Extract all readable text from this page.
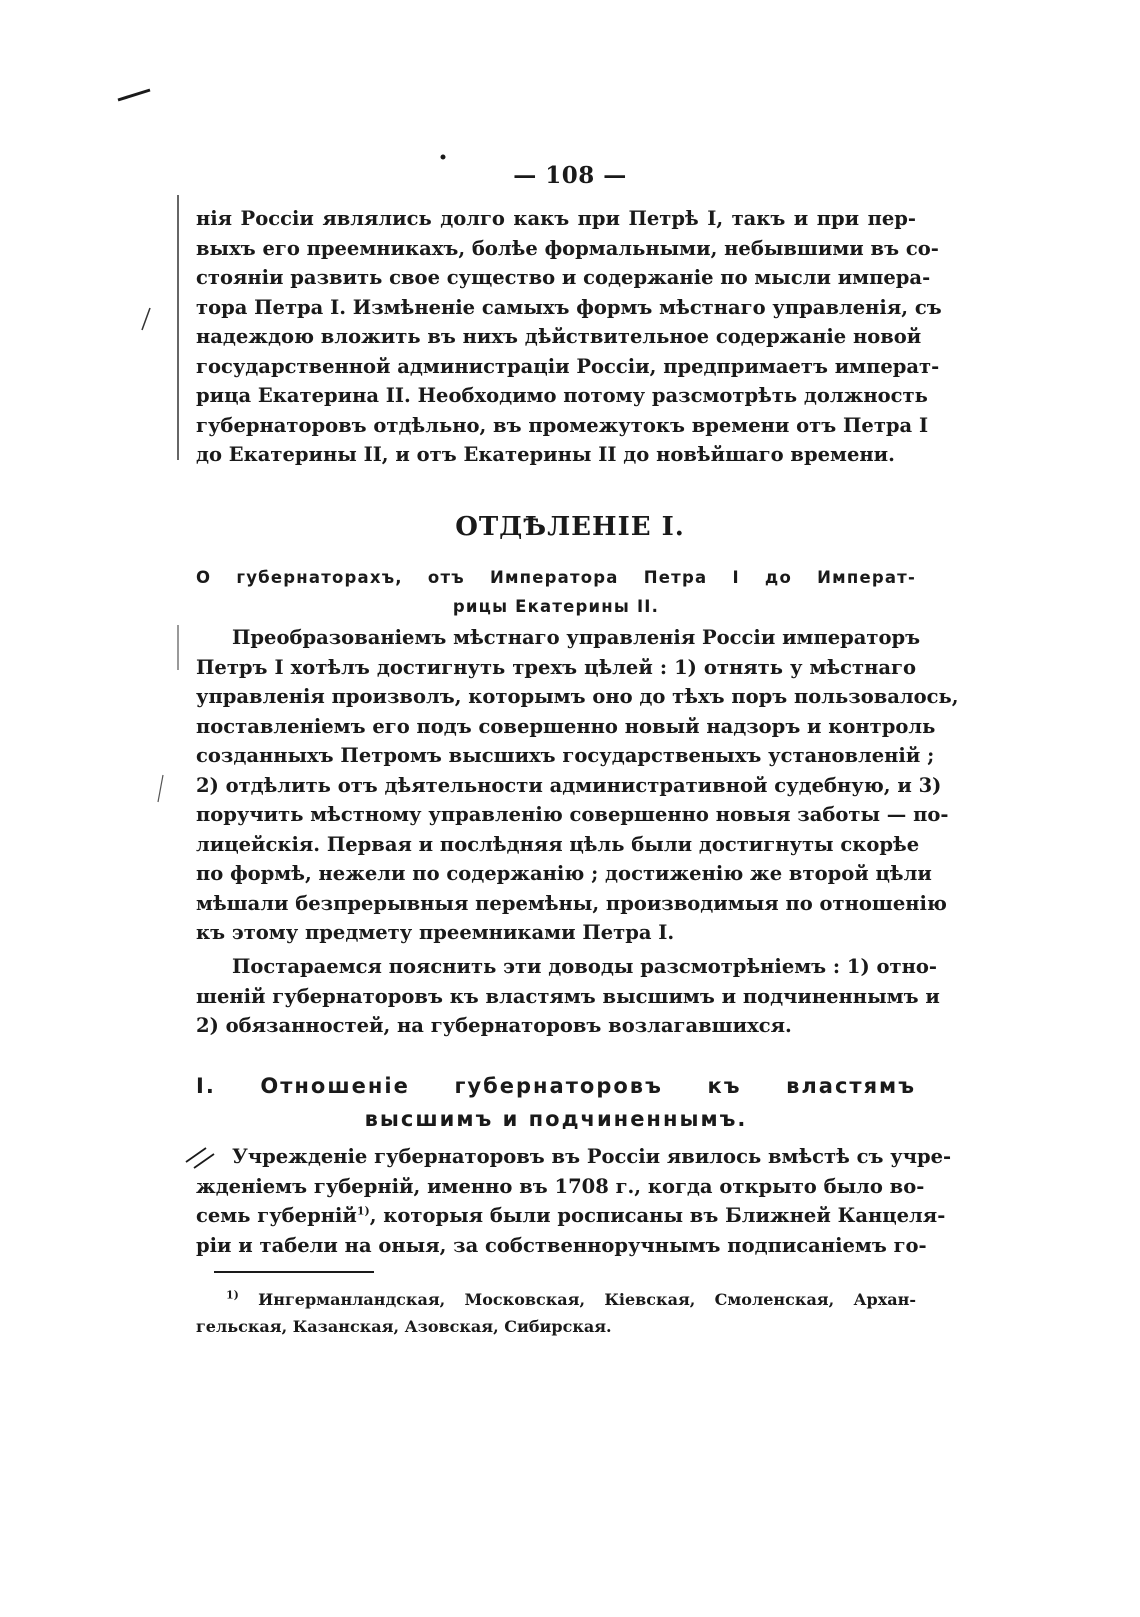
— 108 —
нія Россіи являлись долго какъ при Петрѣ I, такъ и при пер-
выхъ его преемникахъ, болѣе формальными, небывшими въ со-
стояніи развить свое существо и содержаніе по мысли импера-
тора Петра I. Измѣненіе самыхъ формъ мѣстнаго управленія, съ
надеждою вложить въ нихъ дѣйствительное содержаніе новой
государственной администраціи Россіи, предпримаетъ императ-
рица Екатерина II. Необходимо потому разсмотрѣть должность
губернаторовъ отдѣльно, въ промежутокъ времени отъ Петра I
до Екатерины II, и отъ Екатерины II до новѣйшаго времени.
ОТДѢЛЕНІЕ I.
О губернаторахъ, отъ Императора Петра I до Императ-
рицы Екатерины II.
Преобразованіемъ мѣстнаго управленія Россіи императоръ
Петръ I хотѣлъ достигнуть трехъ цѣлей : 1) отнять у мѣстнаго
управленія произволъ, которымъ оно до тѣхъ поръ пользовалось,
поставленіемъ его подъ совершенно новый надзоръ и контроль
созданныхъ Петромъ высшихъ государственыхъ установленій ;
2) отдѣлить отъ дѣятельности административной судебную, и 3)
поручить мѣстному управленію совершенно новыя заботы — по-
лицейскія. Первая и послѣдняя цѣль были достигнуты скорѣе
по формѣ, нежели по содержанію ; достиженію же второй цѣли
мѣшали безпрерывныя перемѣны, производимыя по отношенію
къ этому предмету преемниками Петра I.
Постараемся пояснить эти доводы разсмотрѣніемъ : 1) отно-
шеній губернаторовъ къ властямъ высшимъ и подчиненнымъ и
2) обязанностей, на губернаторовъ возлагавшихся.
I. Отношеніе губернаторовъ къ властямъ
высшимъ и подчиненнымъ.
Учрежденіе губернаторовъ въ Россіи явилось вмѣстѣ съ учре-
жденіемъ губерній, именно въ 1708 г., когда открыто было во-
семь губерній$^{1)}$, которыя были росписаны въ Ближней Канцеля-
ріи и табели на оныя, за собственноручнымъ подписаніемъ го-
$^{1)}$ Ингерманландская, Московская, Кіевская, Смоленская, Архан-
гельская, Казанская, Азовская, Сибирская.
